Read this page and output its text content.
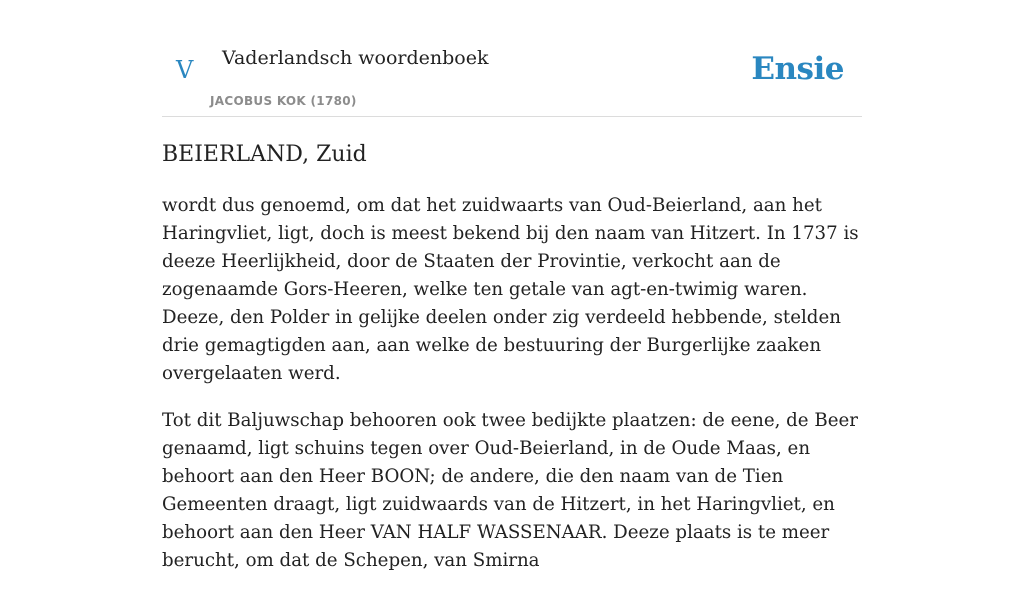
V Vaderlandsch woordenboek
JACOBUS KOK (1780)
Ensie
BEIERLAND, Zuid

wordt dus genoemd, om dat het zuidwaarts van Oud-Beierland, aan het Haringvliet, ligt, doch is meest bekend bij den naam van Hitzert. In 1737 is deeze Heerlijkheid, door de Staaten der Provintie, verkocht aan de zogenaamde Gors-Heeren, welke ten getale van agt-en-twimig waren. Deeze, den Polder in gelijke deelen onder zig verdeeld hebbende, stelden drie gemagtigden aan, aan welke de bestuuring der Burgerlijke zaaken overgelaaten werd.

Tot dit Baljuwschap behooren ook twee bedijkte plaatzen: de eene, de Beer genaamd, ligt schuins tegen over Oud-Beierland, in de Oude Maas, en behoort aan den Heer BOON; de andere, die den naam van de Tien Gemeenten draagt, ligt zuidwaards van de Hitzert, in het Haringvliet, en behoort aan den Heer VAN HALF WASSENAAR. Deeze plaats is te meer berucht, om dat de Schepen, van Smirna
